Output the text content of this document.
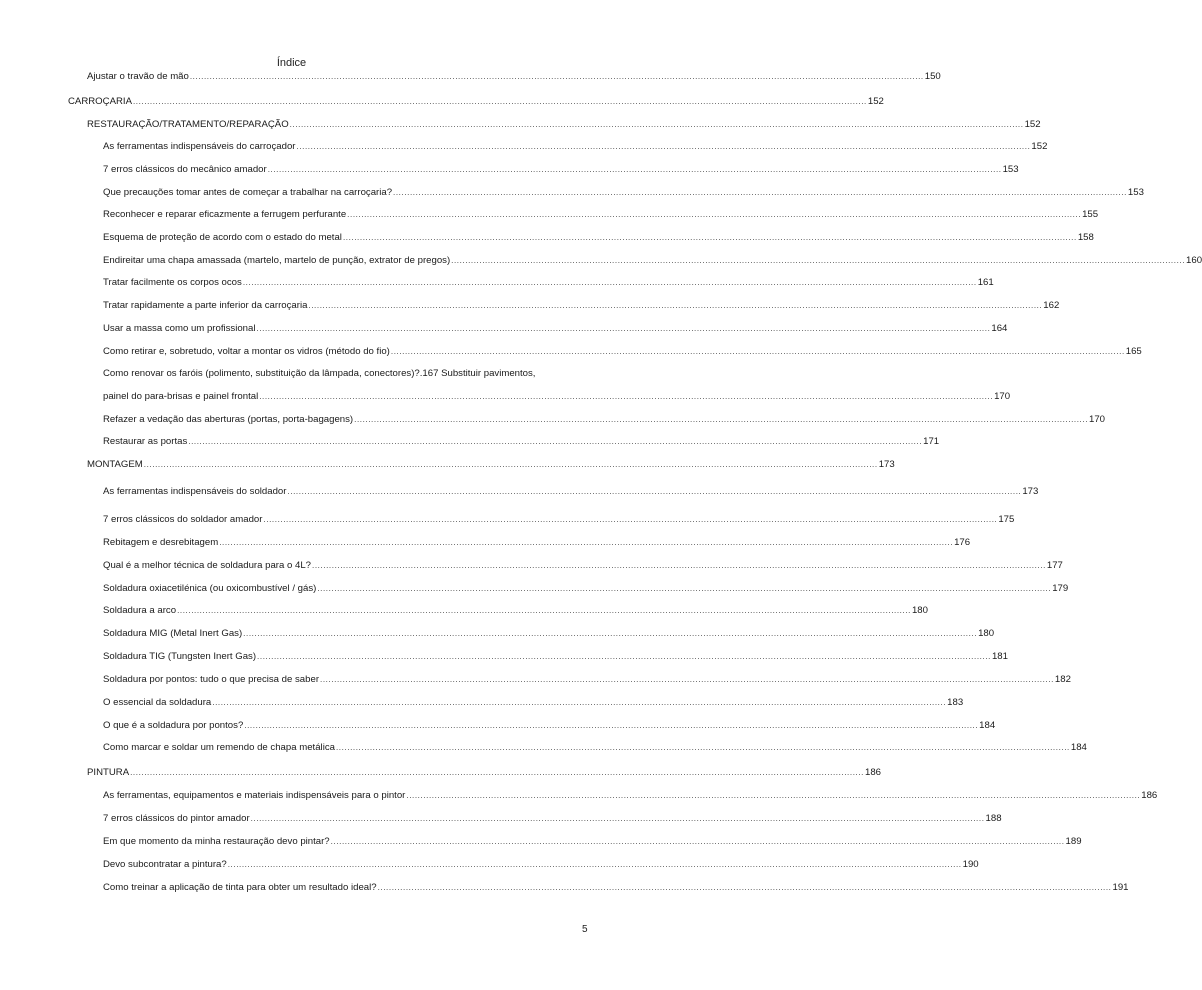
Índice
Ajustar o travão de mão .................................................................................................................................................................................................................................................................... 150
CARROÇARIA .................................................................................................................................................................................................................................................................... 152
RESTAURAÇÃO/TRATAMENTO/REPARAÇÃO .................................................................................................................................................................................................................................................................... 152
As ferramentas indispensáveis do carroçador .................................................................................................................................................................................................................................................................... 152
7 erros clássicos do mecânico amador .................................................................................................................................................................................................................................................................... 153
Que precauções tomar antes de começar a trabalhar na carroçaria? .................................................................................................................................................................................................................................................................... 153
Reconhecer e reparar eficazmente a ferrugem perfurante .................................................................................................................................................................................................................................................................... 155
Esquema de proteção de acordo com o estado do metal .................................................................................................................................................................................................................................................................... 158
Endireitar uma chapa amassada (martelo, martelo de punção, extrator de pregos) .................................................................................................................................................................................................................................................................... 160
Tratar facilmente os corpos ocos .................................................................................................................................................................................................................................................................... 161
Tratar rapidamente a parte inferior da carroçaria .................................................................................................................................................................................................................................................................... 162
Usar a massa como um profissional .................................................................................................................................................................................................................................................................... 164
Como retirar e, sobretudo, voltar a montar os vidros (método do fio) .................................................................................................................................................................................................................................................................... 165
Como renovar os faróis (polimento, substituição da lâmpada, conectores)?.167 Substituir pavimentos,
painel do para-brisas e painel frontal .................................................................................................................................................................................................................................................................... 170
Refazer a vedação das aberturas (portas, porta-bagagens) .................................................................................................................................................................................................................................................................... 170
Restaurar as portas .................................................................................................................................................................................................................................................................... 171
MONTAGEM .................................................................................................................................................................................................................................................................... 173
As ferramentas indispensáveis do soldador .................................................................................................................................................................................................................................................................... 173
7 erros clássicos do soldador amador .................................................................................................................................................................................................................................................................... 175
Rebitagem e desrebitagem .................................................................................................................................................................................................................................................................... 176
Qual é a melhor técnica de soldadura para o 4L? .................................................................................................................................................................................................................................................................... 177
Soldadura oxiacetilénica (ou oxicombustível / gás) .................................................................................................................................................................................................................................................................... 179
Soldadura a arco .................................................................................................................................................................................................................................................................... 180
Soldadura MIG (Metal Inert Gas) .................................................................................................................................................................................................................................................................... 180
Soldadura TIG (Tungsten Inert Gas) .................................................................................................................................................................................................................................................................... 181
Soldadura por pontos: tudo o que precisa de saber .................................................................................................................................................................................................................................................................... 182
O essencial da soldadura .................................................................................................................................................................................................................................................................... 183
O que é a soldadura por pontos? .................................................................................................................................................................................................................................................................... 184
Como marcar e soldar um remendo de chapa metálica .................................................................................................................................................................................................................................................................... 184
PINTURA .................................................................................................................................................................................................................................................................... 186
As ferramentas, equipamentos e materiais indispensáveis para o pintor .................................................................................................................................................................................................................................................................... 186
7 erros clássicos do pintor amador .................................................................................................................................................................................................................................................................... 188
Em que momento da minha restauração devo pintar? .................................................................................................................................................................................................................................................................... 189
Devo subcontratar a pintura? .................................................................................................................................................................................................................................................................... 190
Como treinar a aplicação de tinta para obter um resultado ideal? .................................................................................................................................................................................................................................................................... 191
5
